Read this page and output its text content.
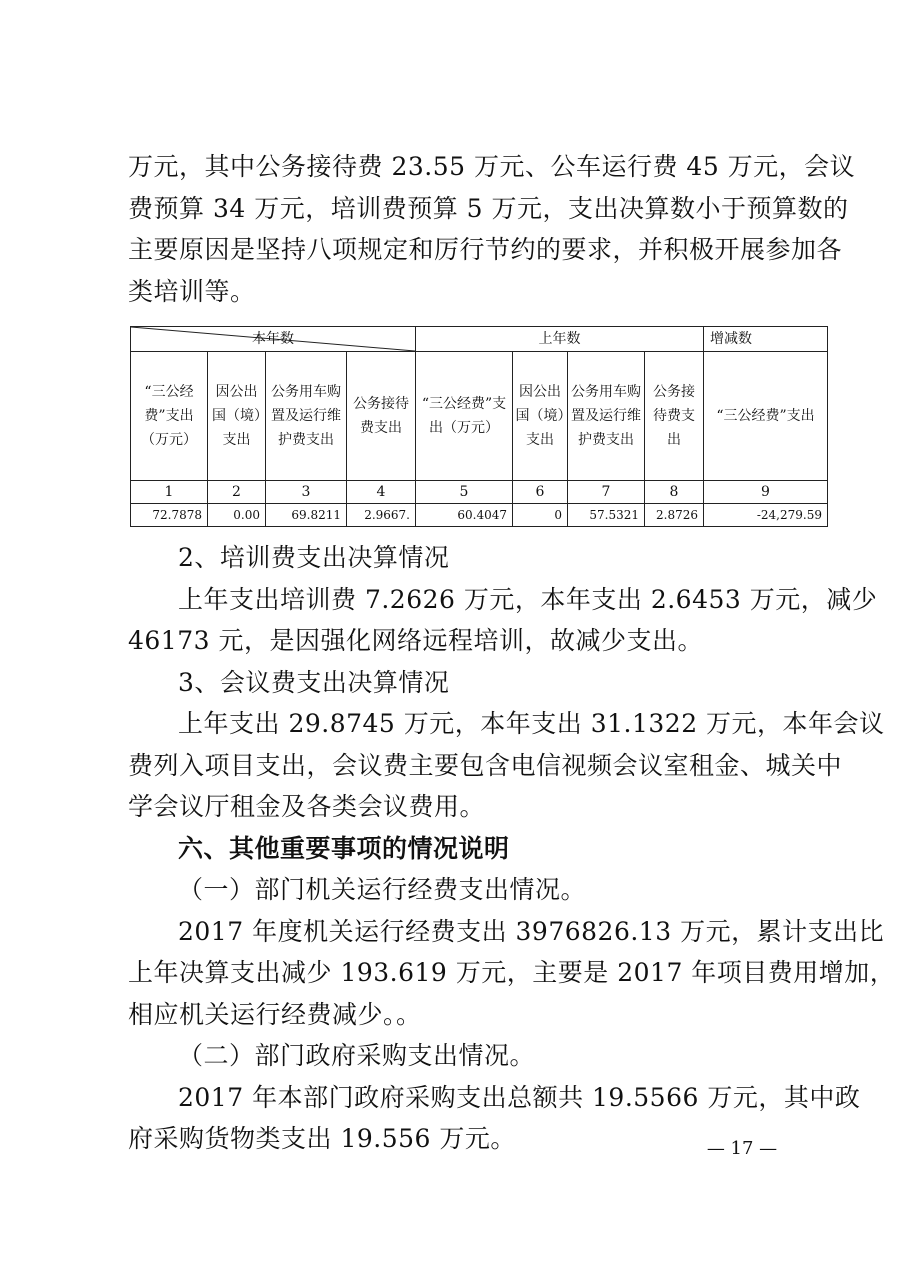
万元，其中公务接待费 23.55 万元、公车运行费 45 万元，会议
费预算 34 万元，培训费预算 5 万元，支出决算数小于预算数的
主要原因是坚持八项规定和厉行节约的要求，并积极开展参加各
类培训等。
本年数				上年数				增减数
“三公经费”支出（万元）	因公出国（境）支出	公务用车购置及运行维护费支出	公务接待费支出	“三公经费”支出（万元）	因公出国（境）支出	公务用车购置及运行维护费支出	公务接待费支出	“三公经费”支出
1	2	3	4	5	6	7	8	9
72.7878	0.00	69.8211	2.9667.	60.4047	0	57.5321	2.8726	-24,279.59
2、培训费支出决算情况
上年支出培训费 7.2626 万元，本年支出 2.6453 万元，减少
46173 元，是因强化网络远程培训，故减少支出。
3、会议费支出决算情况
上年支出 29.8745 万元，本年支出 31.1322 万元，本年会议
费列入项目支出，会议费主要包含电信视频会议室租金、城关中
学会议厅租金及各类会议费用。
六、其他重要事项的情况说明
（一）部门机关运行经费支出情况。
2017 年度机关运行经费支出 3976826.13 万元，累计支出比
上年决算支出减少 193.619 万元，主要是 2017 年项目费用增加，
相应机关运行经费减少。。
（二）部门政府采购支出情况。
2017 年本部门政府采购支出总额共 19.5566 万元，其中政
府采购货物类支出 19.556 万元。	— 17 —
